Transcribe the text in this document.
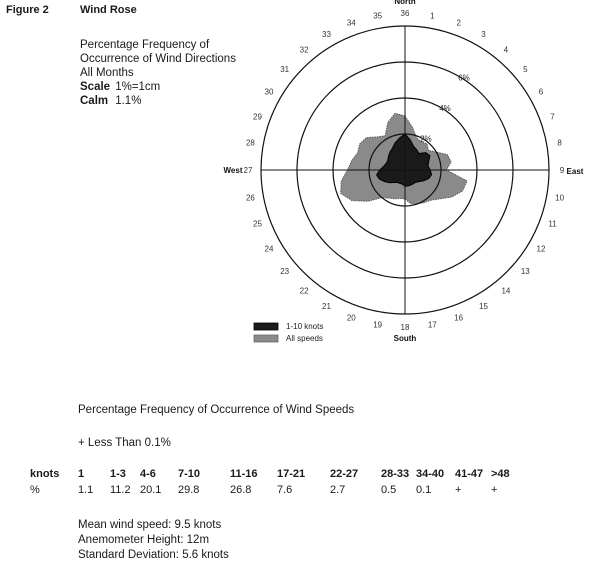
Figure 2	Wind Rose
Percentage Frequency of
Occurrence of Wind Directions
All Months
Scale 1%=1cm
Calm 1.1%
36	1
2
3
4
5
6
7
8
9
10
11
12
13
14
15
16
17
18
19
20
21
22
23
24
25
26
27
28
29
30
31
32
33
34
35
2%
4%
6%
North
South
East
West
1-10 knots
All speeds
Percentage Frequency of Occurrence of Wind Speeds
+ Less Than 0.1%
knots 1 1-3 4-6 7-10	11-16 17-21 22-27 28-33 34-40 41-47 >48
%	1.1 11.2 20.1 29.8	26.8 7.6	2.7	0.5 0.1 +	+
Mean wind speed: 9.5 knots
Anemometer Height: 12m
Standard Deviation: 5.6 knots
